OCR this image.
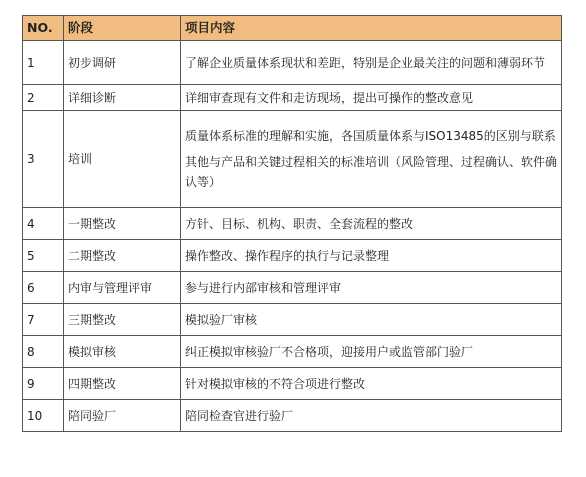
NO.	阶段	项目内容
1	初步调研	了解企业质量体系现状和差距，特别是企业最关注的问题和薄弱环节

2	详细诊断	详细审查现有文件和走访现场，提出可操作的整改意见

3	培训	质量体系标准的理解和实施，各国质量体系与ISO13485的区别与联系

其他与产品和关键过程相关的标准培训（风险管理、过程确认、软件确认等）

4	一期整改	方针、目标、机构、职责、全套流程的整改

5	二期整改	操作整改、操作程序的执行与记录整理

6	内审与管理评审	参与进行内部审核和管理评审

7	三期整改	模拟验厂审核

8	模拟审核	纠正模拟审核验厂不合格项，迎接用户或监管部门验厂

9	四期整改	针对模拟审核的不符合项进行整改

10	陪同验厂	陪同检查官进行验厂
